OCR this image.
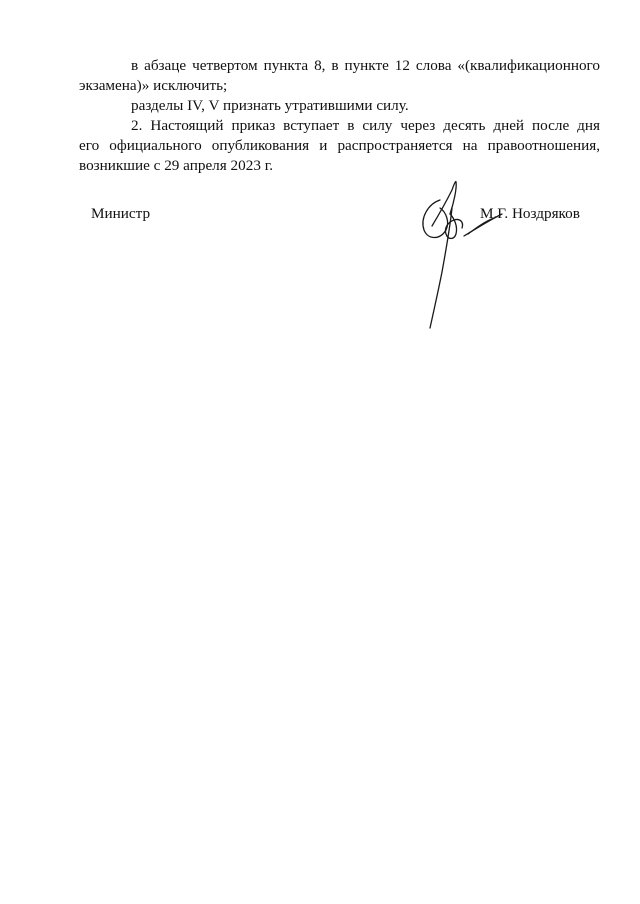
в абзаце четвертом пункта 8, в пункте 12 слова «(квалификационного
экзамена)» исключить;
разделы IV, V признать утратившими силу.
2. Настоящий приказ вступает в силу через десять дней после дня
его официального опубликования и распространяется на правоотношения,
возникшие с 29 апреля 2023 г.
Министр	М.Г. Ноздряков
